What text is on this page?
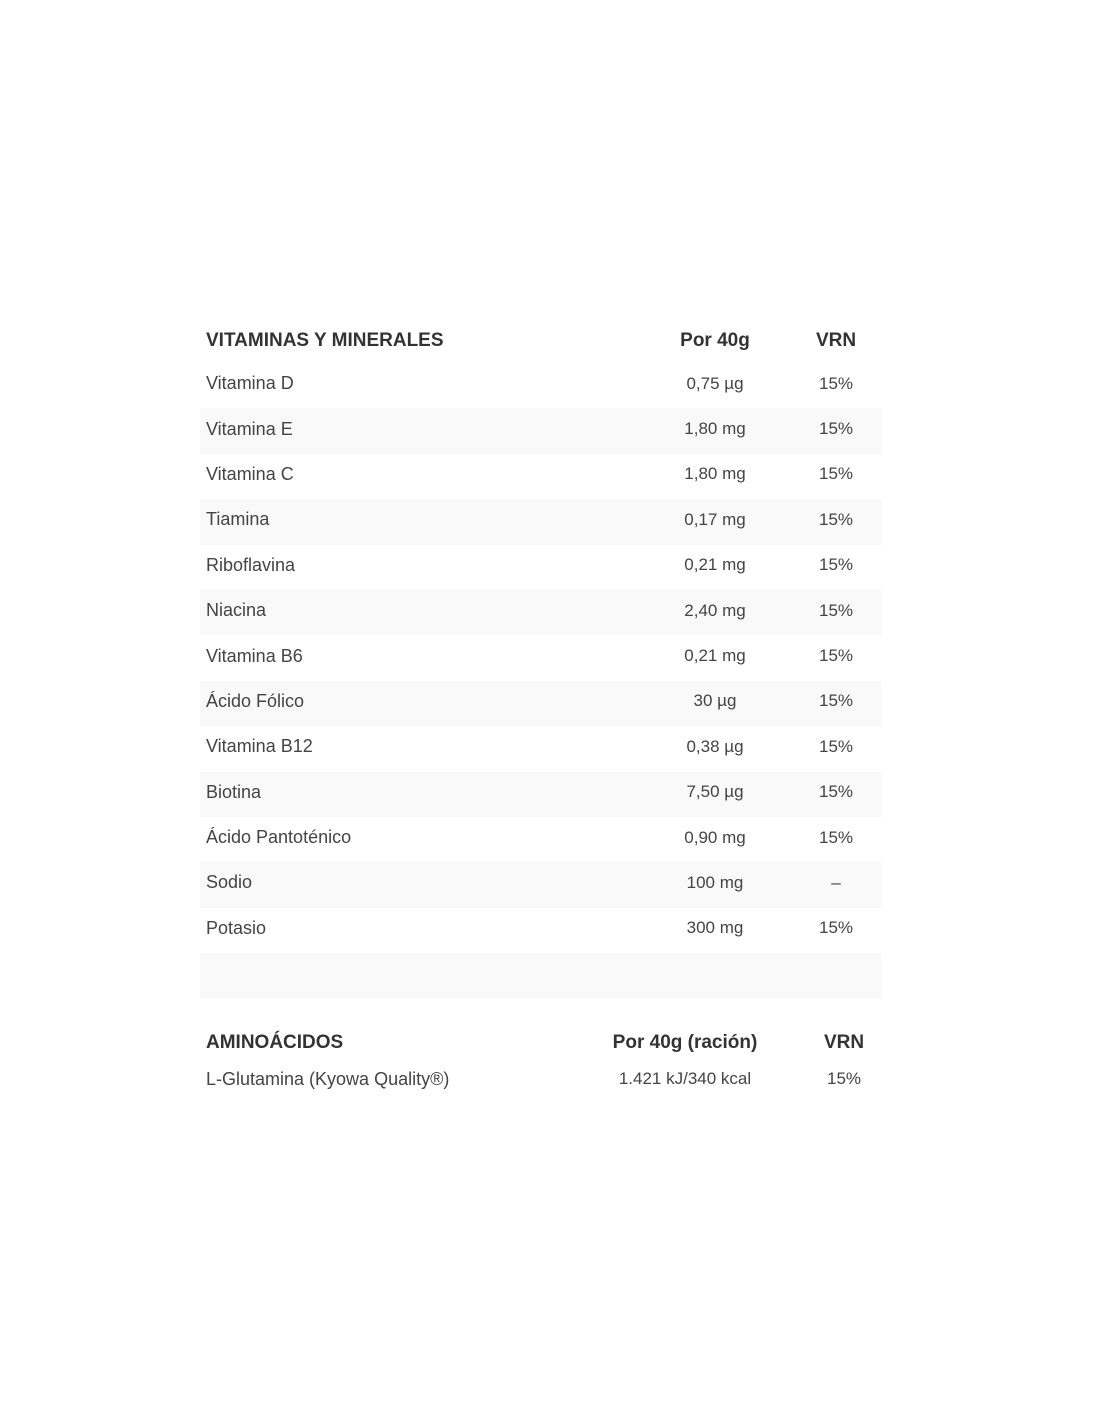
VITAMINAS Y MINERALES	Por 40g	VRN
Vitamina D	0,75 µg	15%
Vitamina E	1,80 mg	15%
Vitamina C	1,80 mg	15%
Tiamina	0,17 mg	15%
Riboflavina	0,21 mg	15%
Niacina	2,40 mg	15%
Vitamina B6	0,21 mg	15%
Ácido Fólico	30 µg	15%
Vitamina B12	0,38 µg	15%
Biotina	7,50 µg	15%
Ácido Pantoténico	0,90 mg	15%
Sodio	100 mg	–
Potasio	300 mg	15%
AMINOÁCIDOS	Por 40g (ración)	VRN
L-Glutamina (Kyowa Quality®)	1.421 kJ/340 kcal	15%
